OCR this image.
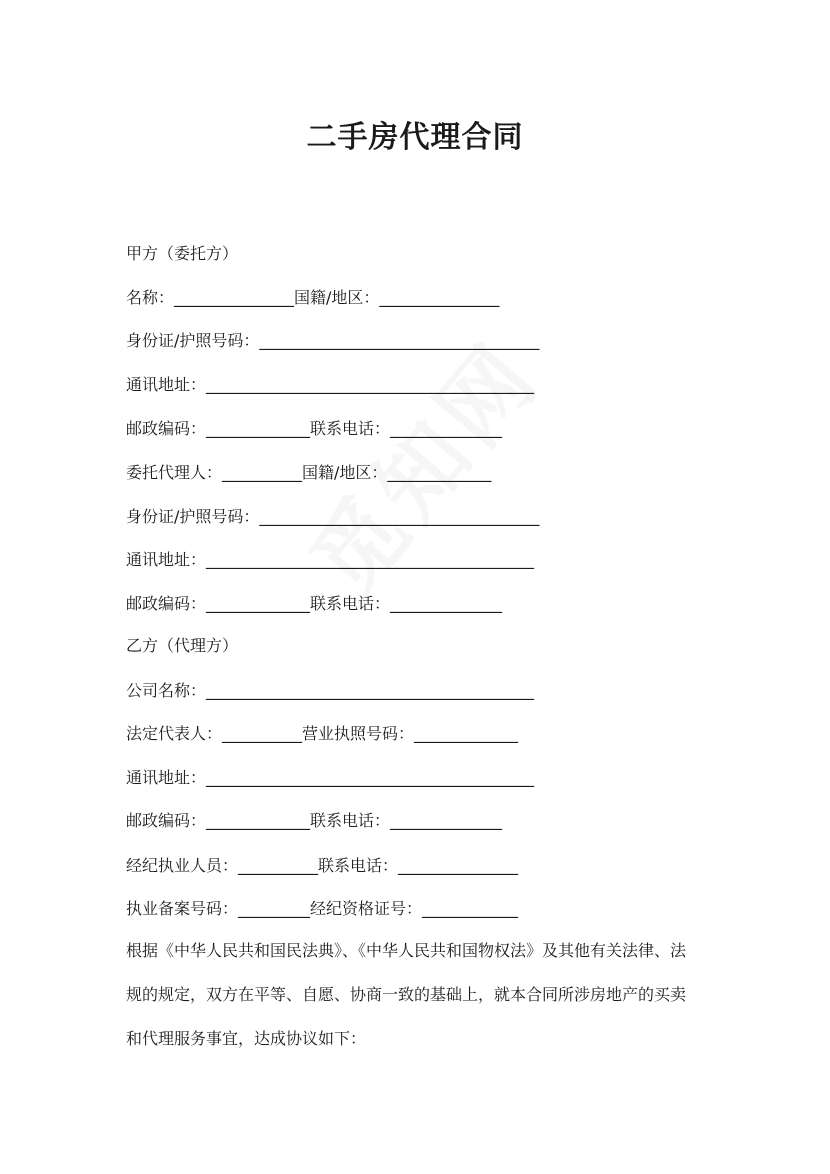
二手房代理合同
甲方（委托方）
名称：_______________国籍/地区：_______________
身份证/护照号码：___________________________________
通讯地址：_________________________________________
邮政编码：_____________联系电话：______________
委托代理人：__________国籍/地区：_____________
身份证/护照号码：___________________________________
通讯地址：_________________________________________
邮政编码：_____________联系电话：______________
乙方（代理方）
公司名称：_________________________________________
法定代表人：__________营业执照号码：_____________
通讯地址：_________________________________________
邮政编码：_____________联系电话：______________
经纪执业人员：__________联系电话：_______________
执业备案号码：_________经纪资格证号：____________
根据《中华人民共和国民法典》、《中华人民共和国物权法》及其他有关法律、法
规的规定，双方在平等、自愿、协商一致的基础上，就本合同所涉房地产的买卖
和代理服务事宜，达成协议如下：
